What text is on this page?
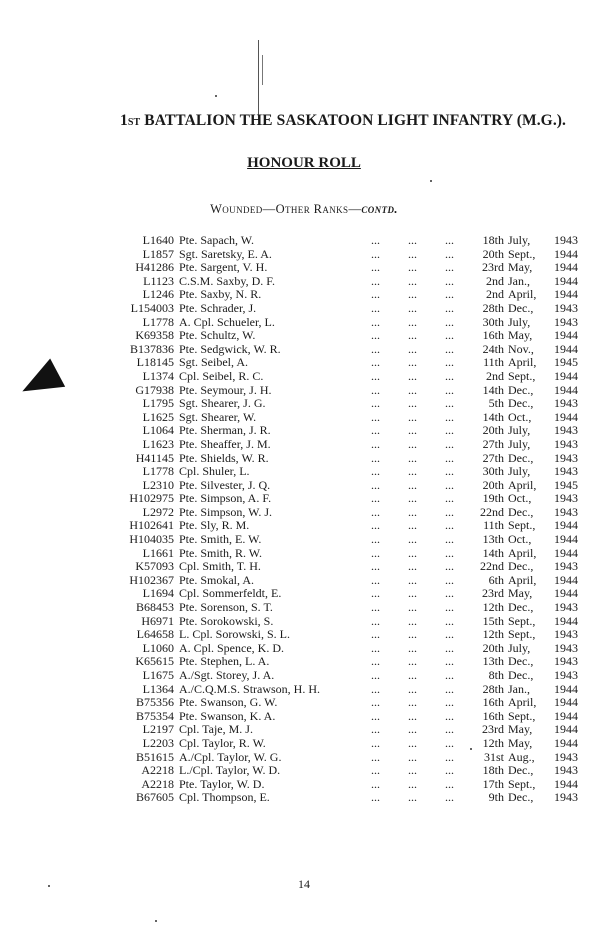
1ST BATTALION THE SASKATOON LIGHT INFANTRY (M.G.).
HONOUR ROLL
Wounded—Other Ranks—contd.
L1640	Pte. Sapach, W.	...	...	...	18th	July,	1943
L1857	Sgt. Saretsky, E. A.	...	...	...	20th	Sept.,	1944
H41286	Pte. Sargent, V. H.	...	...	...	23rd	May,	1944
L1123	C.S.M. Saxby, D. F.	...	...	...	2nd	Jan.,	1944
L1246	Pte. Saxby, N. R.	...	...	...	2nd	April,	1944
L154003	Pte. Schrader, J.	...	...	...	28th	Dec.,	1943
L1778	A. Cpl. Schueler, L.	...	...	...	30th	July,	1943
K69358	Pte. Schultz, W.	...	...	...	16th	May,	1944
B137836	Pte. Sedgwick, W. R.	...	...	...	24th	Nov.,	1944
L18145	Sgt. Seibel, A.	...	...	...	11th	April,	1945
L1374	Cpl. Seibel, R. C.	...	...	...	2nd	Sept.,	1944
G17938	Pte. Seymour, J. H.	...	...	...	14th	Dec.,	1944
L1795	Sgt. Shearer, J. G.	...	...	...	5th	Dec.,	1943
L1625	Sgt. Shearer, W.	...	...	...	14th	Oct.,	1944
L1064	Pte. Sherman, J. R.	...	...	...	20th	July,	1943
L1623	Pte. Sheaffer, J. M.	...	...	...	27th	July,	1943
H41145	Pte. Shields, W. R.	...	...	...	27th	Dec.,	1943
L1778	Cpl. Shuler, L.	...	...	...	30th	July,	1943
L2310	Pte. Silvester, J. Q.	...	...	...	20th	April,	1945
H102975	Pte. Simpson, A. F.	...	...	...	19th	Oct.,	1943
L2972	Pte. Simpson, W. J.	...	...	...	22nd	Dec.,	1943
H102641	Pte. Sly, R. M.	...	...	...	11th	Sept.,	1944
H104035	Pte. Smith, E. W.	...	...	...	13th	Oct.,	1944
L1661	Pte. Smith, R. W.	...	...	...	14th	April,	1944
K57093	Cpl. Smith, T. H.	...	...	...	22nd	Dec.,	1943
H102367	Pte. Smokal, A.	...	...	...	6th	April,	1944
L1694	Cpl. Sommerfeldt, E.	...	...	...	23rd	May,	1944
B68453	Pte. Sorenson, S. T.	...	...	...	12th	Dec.,	1943
H6971	Pte. Sorokowski, S.	...	...	...	15th	Sept.,	1944
L64658	L. Cpl. Sorowski, S. L.	...	...	...	12th	Sept.,	1943
L1060	A. Cpl. Spence, K. D.	...	...	...	20th	July,	1943
K65615	Pte. Stephen, L. A.	...	...	...	13th	Dec.,	1943
L1675	A./Sgt. Storey, J. A.	...	...	...	8th	Dec.,	1943
L1364	A./C.Q.M.S. Strawson, H. H.	...	...	...	28th	Jan.,	1944
B75356	Pte. Swanson, G. W.	...	...	...	16th	April,	1944
B75354	Pte. Swanson, K. A.	...	...	...	16th	Sept.,	1944
L2197	Cpl. Taje, M. J.	...	...	...	23rd	May,	1944
L2203	Cpl. Taylor, R. W.	...	...	...	12th	May,	1944
B51615	A./Cpl. Taylor, W. G.	...	...	...	31st	Aug.,	1943
A2218	L./Cpl. Taylor, W. D.	...	...	...	18th	Dec.,	1943
A2218	Pte. Taylor, W. D.	...	...	...	17th	Sept.,	1944
B67605	Cpl. Thompson, E.	...	...	...	9th	Dec.,	1943
14
